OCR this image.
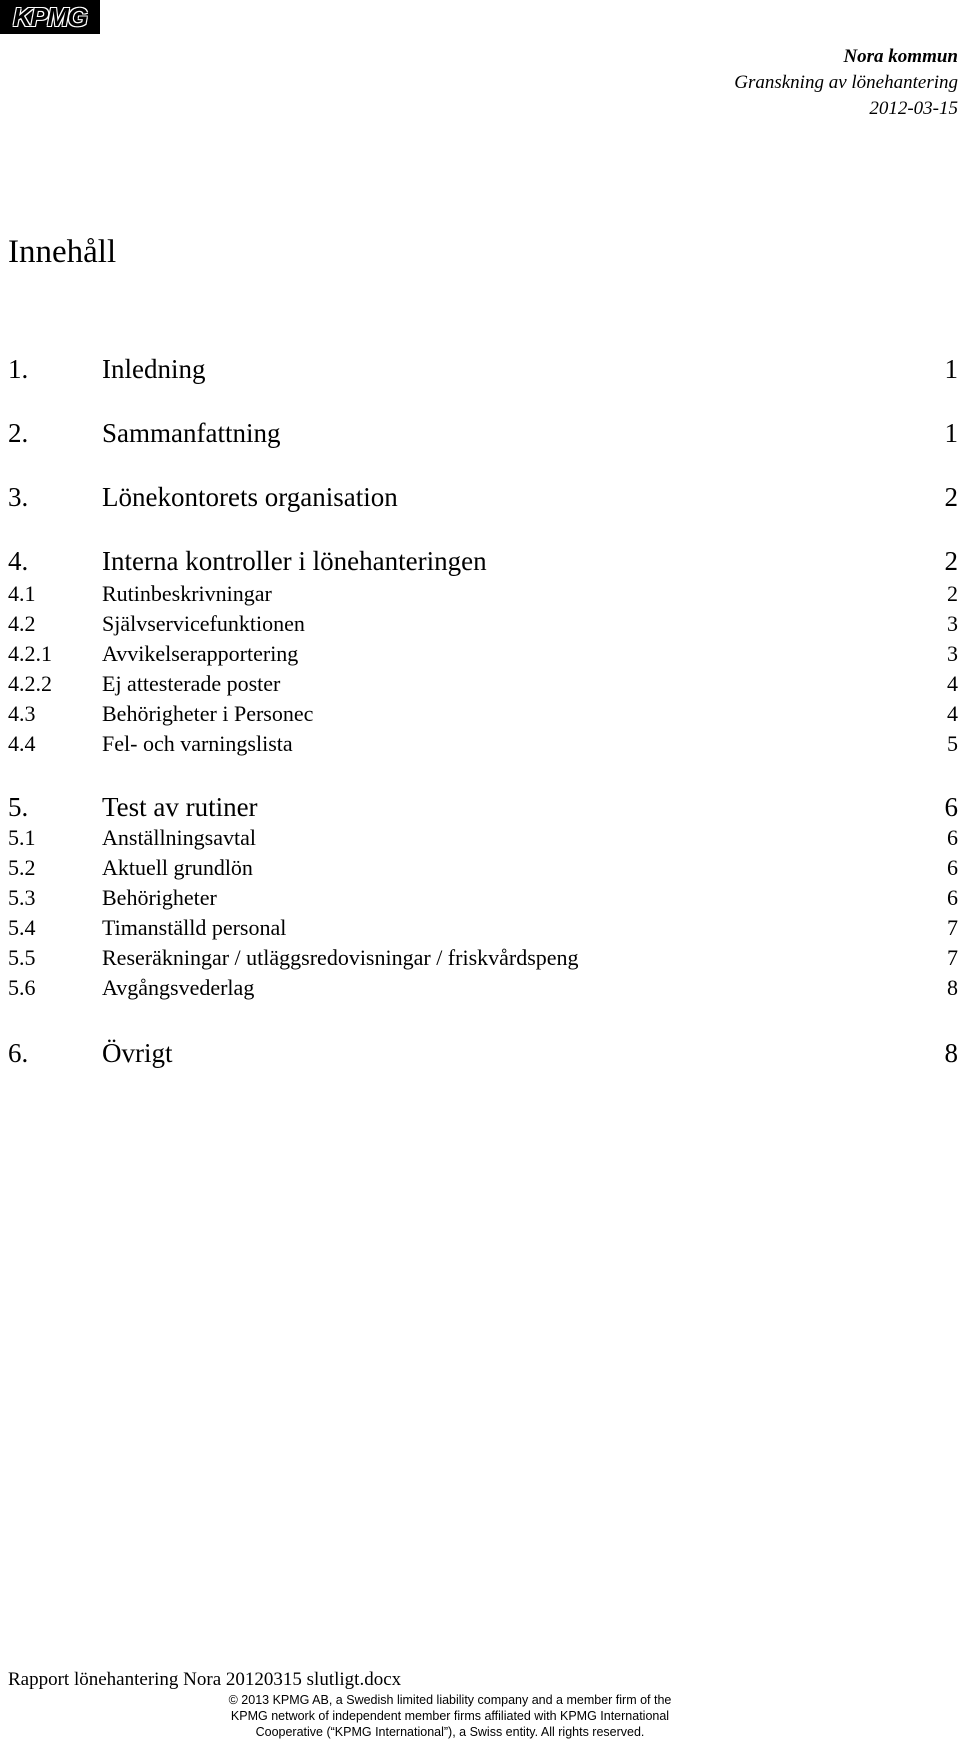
KPMG
Nora kommun
Granskning av lönehantering
2012-03-15
Innehåll
1.	Inledning	1
2.	Sammanfattning	1
3.	Lönekontorets organisation	2
4.	Interna kontroller i lönehanteringen	2
4.1	Rutinbeskrivningar	2
4.2	Självservicefunktionen	3
4.2.1 Avvikelserapportering	3
4.2.2 Ej attesterade poster	4
4.3	Behörigheter i Personec	4
4.4	Fel- och varningslista	5
5.	Test av rutiner	6
5.1	Anställningsavtal	6
5.2	Aktuell grundlön	6
5.3	Behörigheter	6
5.4	Timanställd personal	7
5.5	Reseräkningar / utläggsredovisningar / friskvårdspeng	7
5.6	Avgångsvederlag	8
6.	Övrigt	8
Rapport lönehantering Nora 20120315 slutligt.docx
© 2013 KPMG AB, a Swedish limited liability company and a member firm of the
KPMG network of independent member firms affiliated with KPMG International
Cooperative (“KPMG International”), a Swiss entity. All rights reserved.
